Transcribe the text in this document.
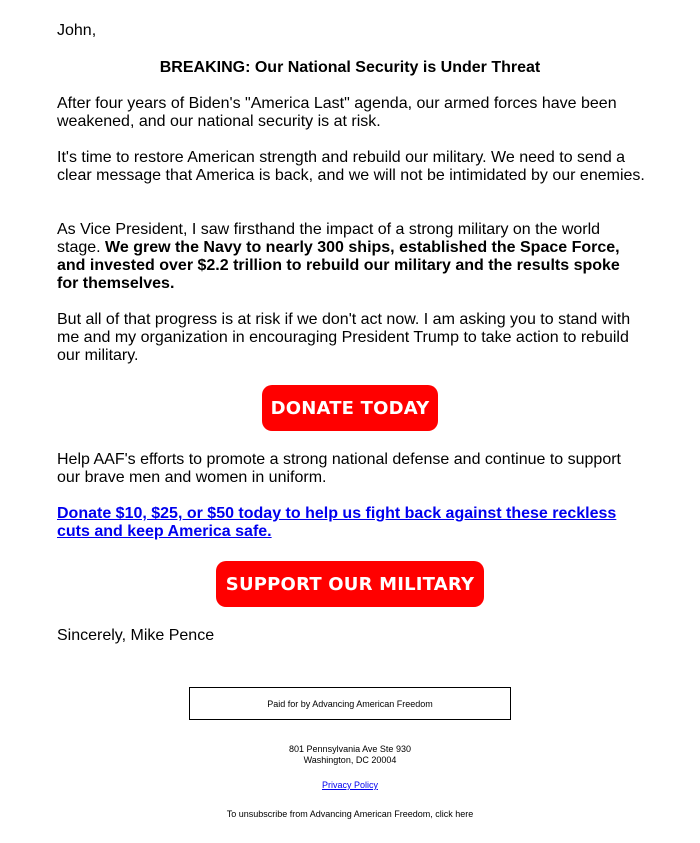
John,

BREAKING: Our National Security is Under Threat

After four years of Biden's "America Last" agenda, our armed forces have been weakened, and our national security is at risk.

It's time to restore American strength and rebuild our military. We need to send a clear message that America is back, and we will not be intimidated by our enemies.

As Vice President, I saw firsthand the impact of a strong military on the world stage. We grew the Navy to nearly 300 ships, established the Space Force, and invested over $2.2 trillion to rebuild our military and the results spoke for themselves.

But all of that progress is at risk if we don't act now. I am asking you to stand with me and my organization in encouraging President Trump to take action to rebuild our military.

Help AAF's efforts to promote a strong national defense and continue to support our brave men and women in uniform.

Donate $10, $25, or $50 today to help us fight back against these reckless cuts and keep America safe.

Sincerely, Mike Pence

DONATE TODAY
SUPPORT OUR MILITARY
Paid for by Advancing American Freedom

801 Pennsylvania Ave Ste 930

Washington, DC 20004

Privacy Policy

To unsubscribe from Advancing American Freedom, click here
